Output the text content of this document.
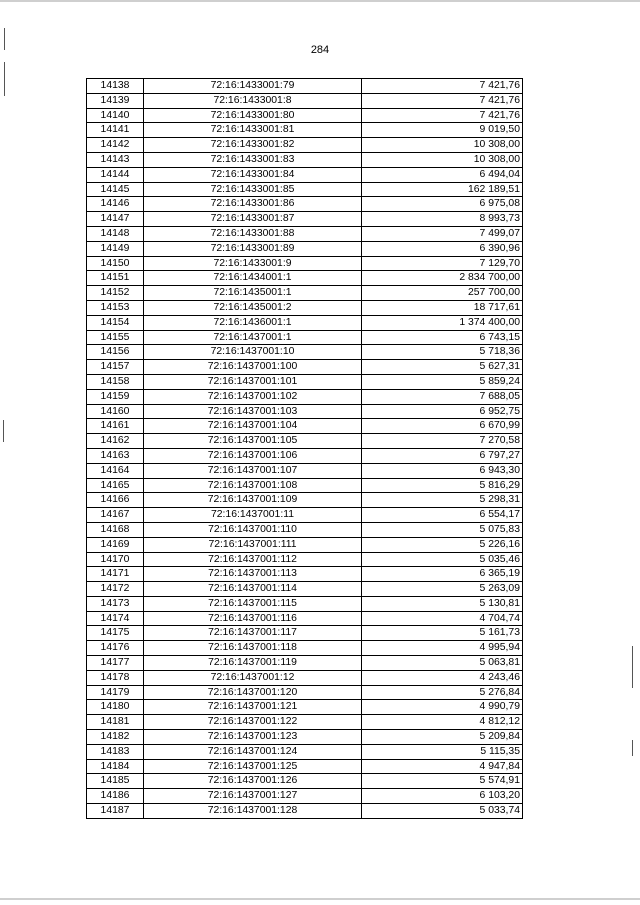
284
14138	72:16:1433001:79	7 421,76
14139	72:16:1433001:8	7 421,76
14140	72:16:1433001:80	7 421,76
14141	72:16:1433001:81	9 019,50
14142	72:16:1433001:82	10 308,00
14143	72:16:1433001:83	10 308,00
14144	72:16:1433001:84	6 494,04
14145	72:16:1433001:85	162 189,51
14146	72:16:1433001:86	6 975,08
14147	72:16:1433001:87	8 993,73
14148	72:16:1433001:88	7 499,07
14149	72:16:1433001:89	6 390,96
14150	72:16:1433001:9	7 129,70
14151	72:16:1434001:1	2 834 700,00
14152	72:16:1435001:1	257 700,00
14153	72:16:1435001:2	18 717,61
14154	72:16:1436001:1	1 374 400,00
14155	72:16:1437001:1	6 743,15
14156	72:16:1437001:10	5 718,36
14157	72:16:1437001:100	5 627,31
14158	72:16:1437001:101	5 859,24
14159	72:16:1437001:102	7 688,05
14160	72:16:1437001:103	6 952,75
14161	72:16:1437001:104	6 670,99
14162	72:16:1437001:105	7 270,58
14163	72:16:1437001:106	6 797,27
14164	72:16:1437001:107	6 943,30
14165	72:16:1437001:108	5 816,29
14166	72:16:1437001:109	5 298,31
14167	72:16:1437001:11	6 554,17
14168	72:16:1437001:110	5 075,83
14169	72:16:1437001:111	5 226,16
14170	72:16:1437001:112	5 035,46
14171	72:16:1437001:113	6 365,19
14172	72:16:1437001:114	5 263,09
14173	72:16:1437001:115	5 130,81
14174	72:16:1437001:116	4 704,74
14175	72:16:1437001:117	5 161,73
14176	72:16:1437001:118	4 995,94
14177	72:16:1437001:119	5 063,81
14178	72:16:1437001:12	4 243,46
14179	72:16:1437001:120	5 276,84
14180	72:16:1437001:121	4 990,79
14181	72:16:1437001:122	4 812,12
14182	72:16:1437001:123	5 209,84
14183	72:16:1437001:124	5 115,35
14184	72:16:1437001:125	4 947,84
14185	72:16:1437001:126	5 574,91
14186	72:16:1437001:127	6 103,20
14187	72:16:1437001:128	5 033,74
